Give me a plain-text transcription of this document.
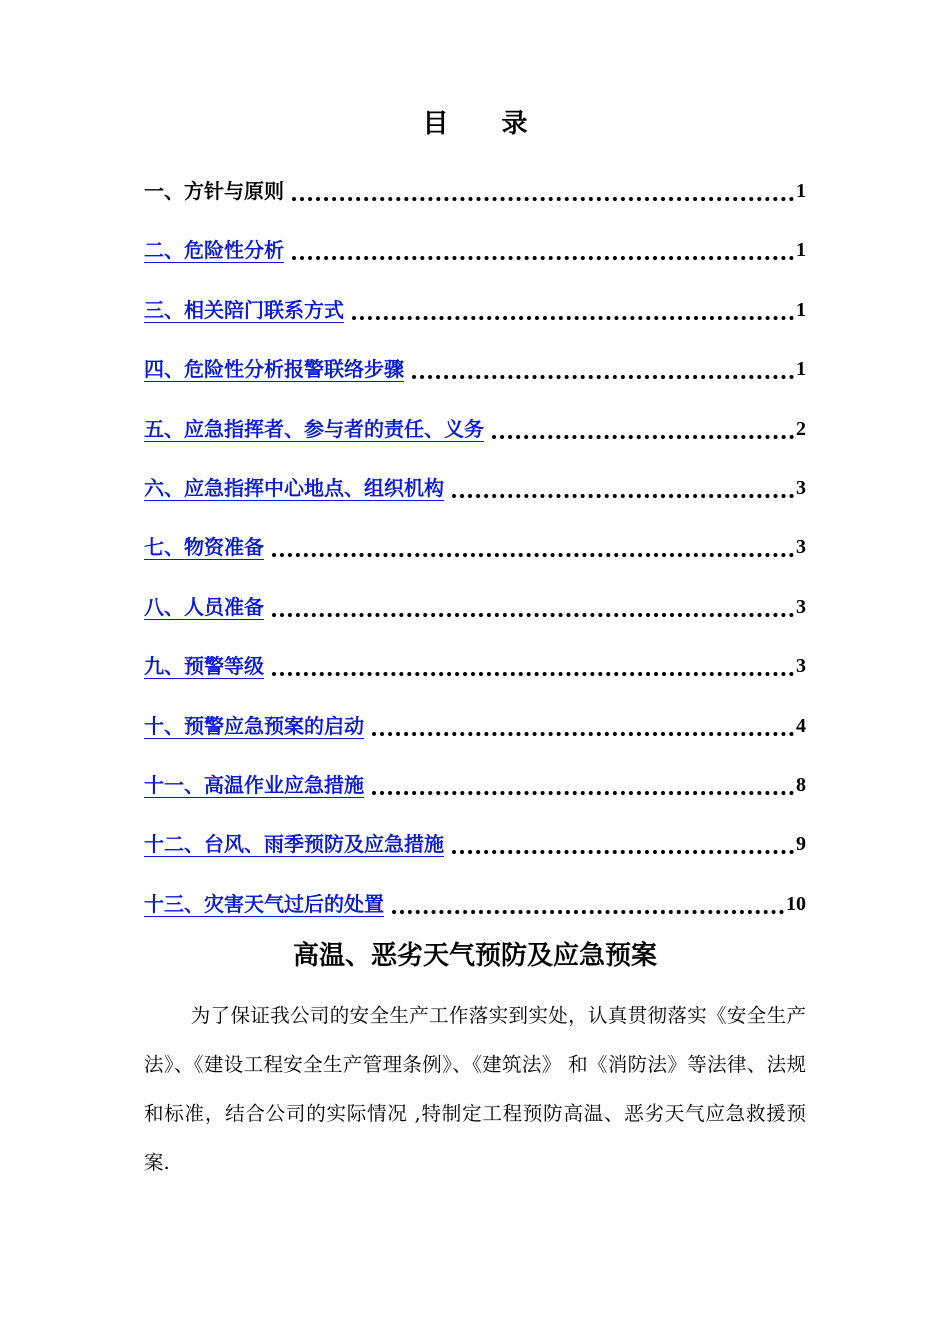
目 录
一、方针与原则	1
二、危险性分析	1
三、相关陪门联系方式	1
四、危险性分析报警联络步骤	1
五、应急指挥者、参与者的责任、义务	2
六、应急指挥中心地点、组织机构	3
七、物资准备	3
八、人员准备	3
九、预警等级	3
十、预警应急预案的启动	4
十一、高温作业应急措施	8
十二、台风、雨季预防及应急措施	9
十三、灾害天气过后的处置	10
高温、恶劣天气预防及应急预案

为了保证我公司的安全生产工作落实到实处，认真贯彻落实《安全生产法》、《建设工程安全生产管理条例》、《建筑法》 和《消防法》等法律、法规和标准，结合公司的实际情况 ,特制定工程预防高温、恶劣天气应急救援预案.
